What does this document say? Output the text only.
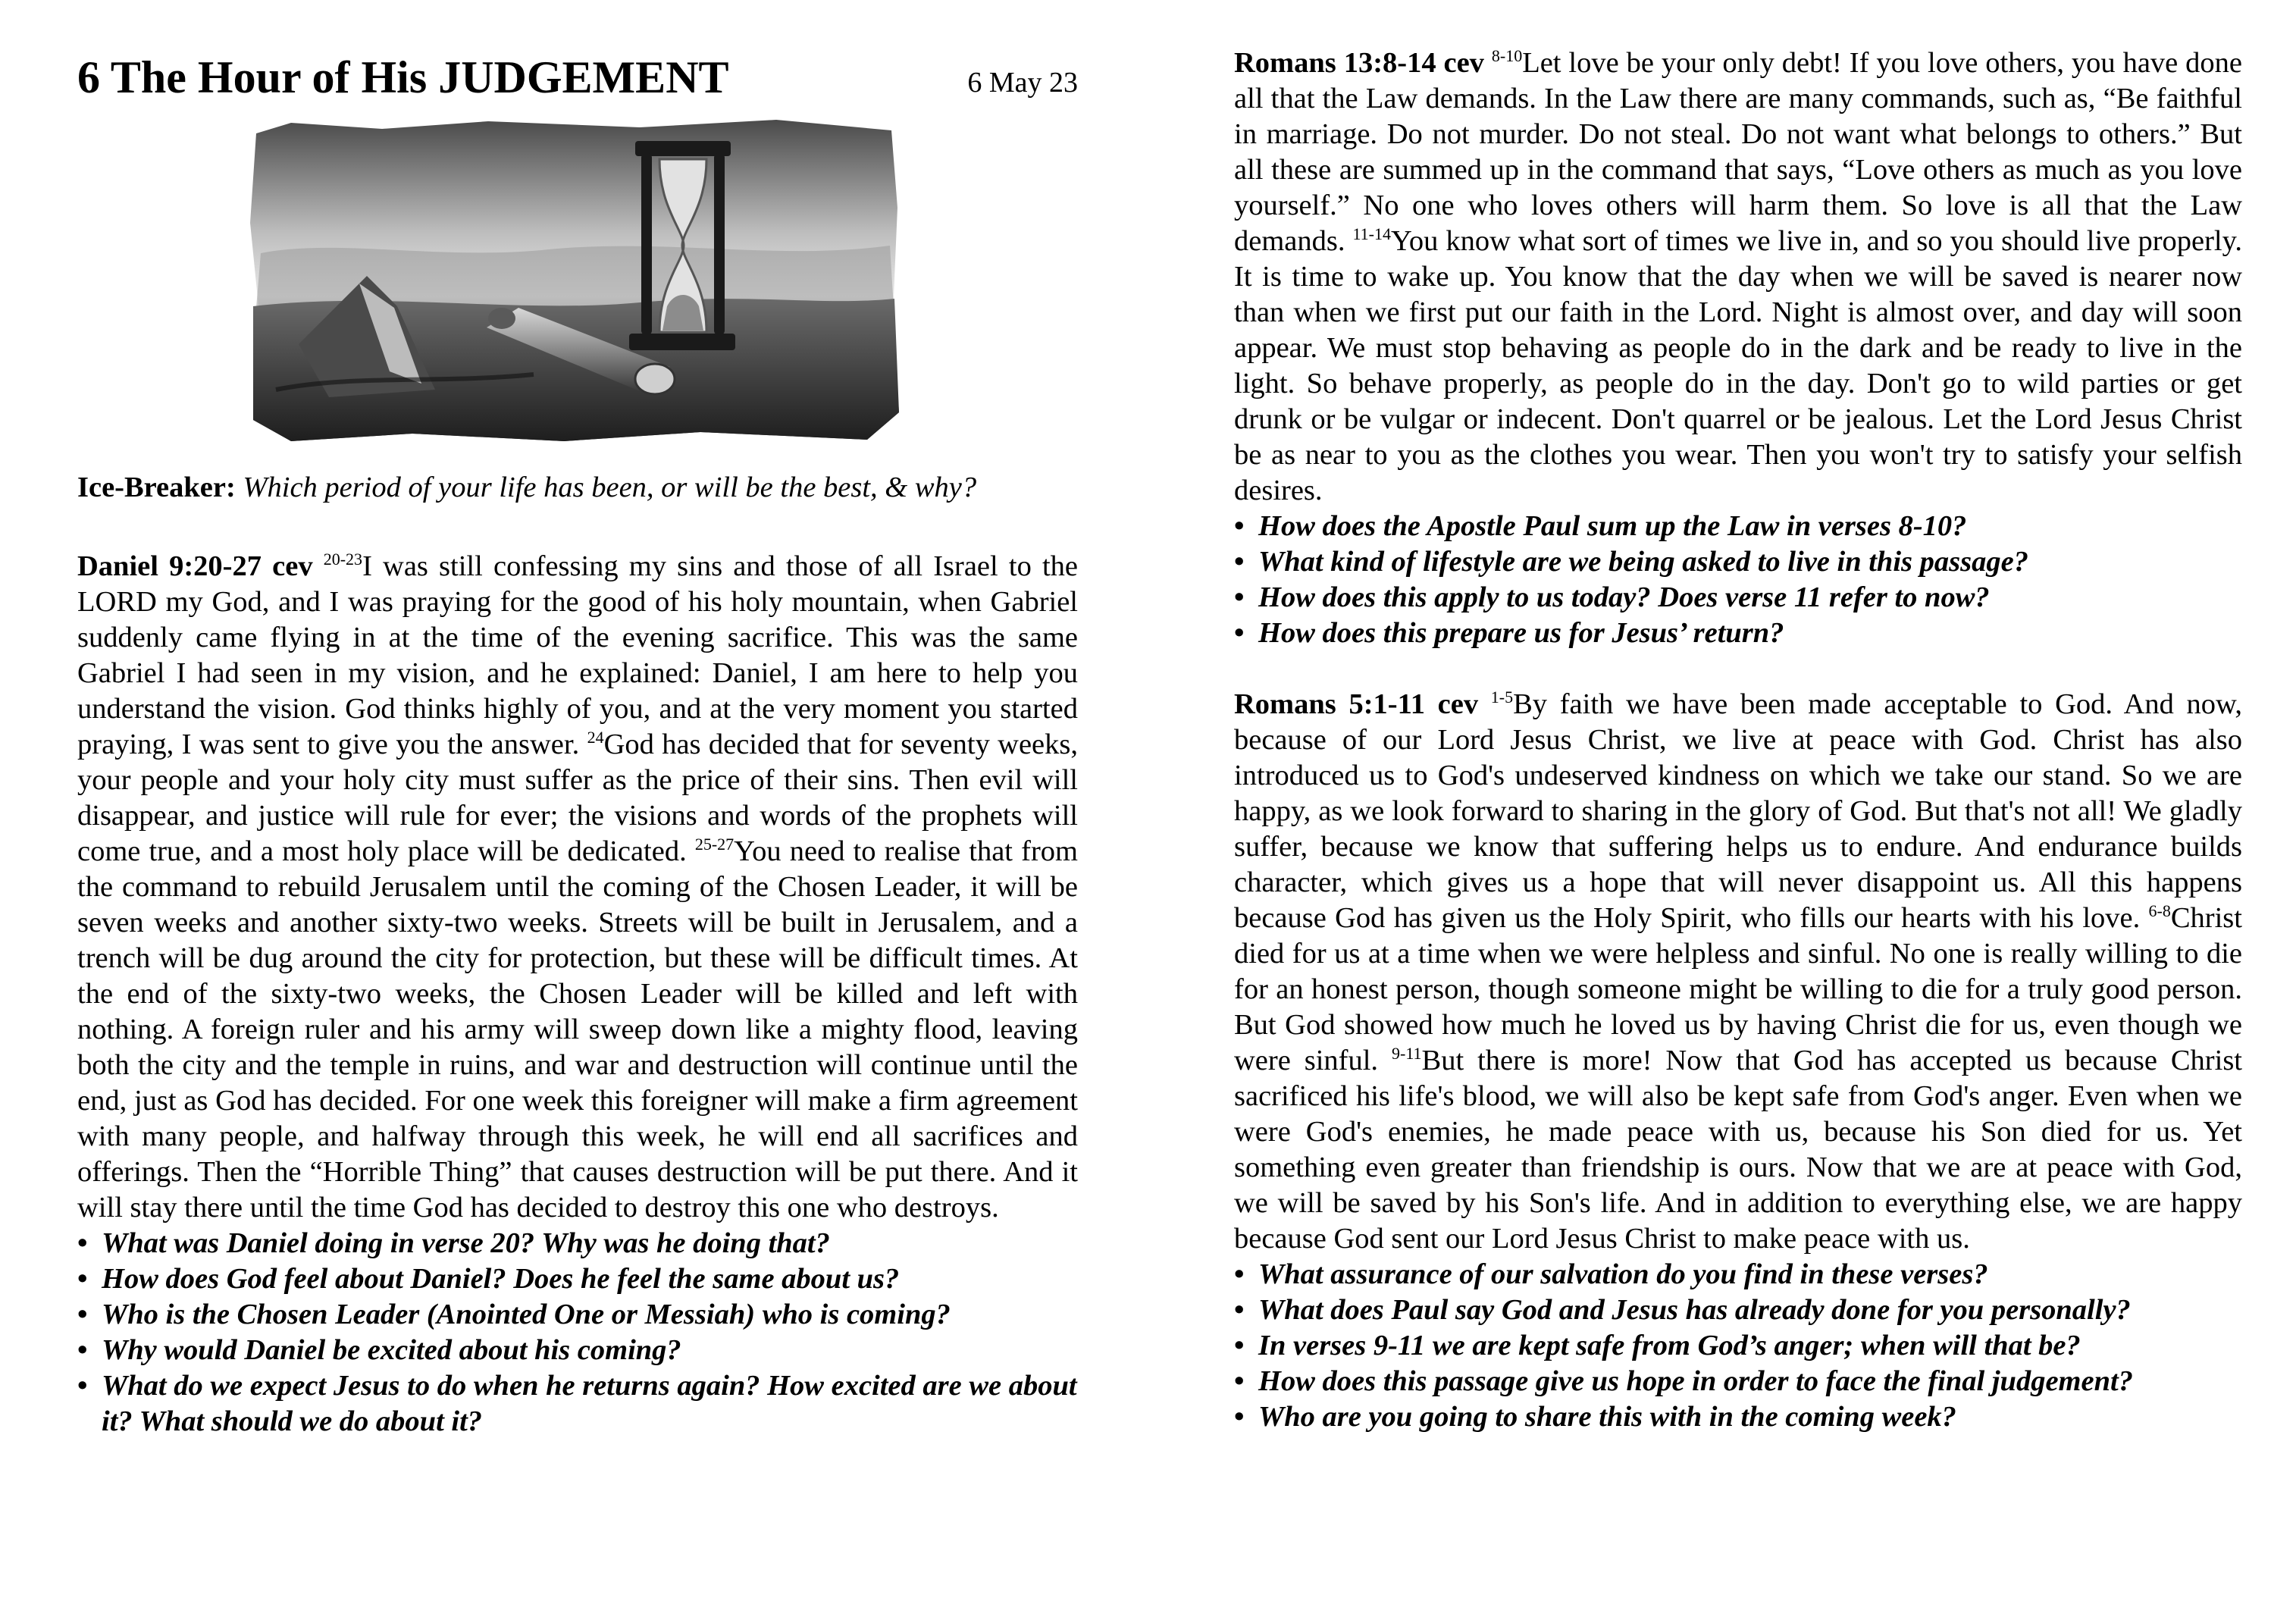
6 The Hour of His JUDGEMENT	6 May 23

Ice-Breaker: Which period of your life has been, or will be the best, & why?

Daniel 9:20-27 cev $^{20-23}$I was still confessing my sins and those of all Israel to the LORD my God, and I was praying for the good of his holy mountain, when Gabriel suddenly came flying in at the time of the evening sacrifice. This was the same Gabriel I had seen in my vision, and he explained: Daniel, I am here to help you understand the vision. God thinks highly of you, and at the very moment you started praying, I was sent to give you the answer. $^{24}$God has decided that for seventy weeks, your people and your holy city must suffer as the price of their sins. Then evil will disappear, and justice will rule for ever; the visions and words of the prophets will come true, and a most holy place will be dedicated. $^{25-27}$You need to realise that from the command to rebuild Jerusalem until the coming of the Chosen Leader, it will be seven weeks and another sixty-two weeks. Streets will be built in Jerusalem, and a trench will be dug around the city for protection, but these will be difficult times. At the end of the sixty-two weeks, the Chosen Leader will be killed and left with nothing. A foreign ruler and his army will sweep down like a mighty flood, leaving both the city and the temple in ruins, and war and destruction will continue until the end, just as God has decided. For one week this foreigner will make a firm agreement with many people, and halfway through this week, he will end all sacrifices and offerings. Then the “Horrible Thing” that causes destruction will be put there. And it will stay there until the time God has decided to destroy this one who destroys.

• What was Daniel doing in verse 20? Why was he doing that?
• How does God feel about Daniel? Does he feel the same about us?
• Who is the Chosen Leader (Anointed One or Messiah) who is coming?
• Why would Daniel be excited about his coming?
• What do we expect Jesus to do when he returns again? How excited are we about it? What should we do about it?

Romans 13:8-14 cev $^{8-10}$Let love be your only debt! If you love others, you have done all that the Law demands. In the Law there are many commands, such as, “Be faithful in marriage. Do not murder. Do not steal. Do not want what belongs to others.” But all these are summed up in the command that says, “Love others as much as you love yourself.” No one who loves others will harm them. So love is all that the Law demands. $^{11-14}$You know what sort of times we live in, and so you should live properly. It is time to wake up. You know that the day when we will be saved is nearer now than when we first put our faith in the Lord. Night is almost over, and day will soon appear. We must stop behaving as people do in the dark and be ready to live in the light. So behave properly, as people do in the day. Don't go to wild parties or get drunk or be vulgar or indecent. Don't quarrel or be jealous. Let the Lord Jesus Christ be as near to you as the clothes you wear. Then you won't try to satisfy your selfish desires.

• How does the Apostle Paul sum up the Law in verses 8-10?
• What kind of lifestyle are we being asked to live in this passage?
• How does this apply to us today? Does verse 11 refer to now?
• How does this prepare us for Jesus’ return?

Romans 5:1-11 cev $^{1-5}$By faith we have been made acceptable to God. And now, because of our Lord Jesus Christ, we live at peace with God. Christ has also introduced us to God's undeserved kindness on which we take our stand. So we are happy, as we look forward to sharing in the glory of God. But that's not all! We gladly suffer, because we know that suffering helps us to endure. And endurance builds character, which gives us a hope that will never disappoint us. All this happens because God has given us the Holy Spirit, who fills our hearts with his love. $^{6-8}$Christ died for us at a time when we were helpless and sinful. No one is really willing to die for an honest person, though someone might be willing to die for a truly good person. But God showed how much he loved us by having Christ die for us, even though we were sinful. $^{9-11}$But there is more! Now that God has accepted us because Christ sacrificed his life's blood, we will also be kept safe from God's anger. Even when we were God's enemies, he made peace with us, because his Son died for us. Yet something even greater than friendship is ours. Now that we are at peace with God, we will be saved by his Son's life. And in addition to everything else, we are happy because God sent our Lord Jesus Christ to make peace with us.

• What assurance of our salvation do you find in these verses?
• What does Paul say God and Jesus has already done for you personally?
• In verses 9-11 we are kept safe from God’s anger; when will that be?
• How does this passage give us hope in order to face the final judgement?
• Who are you going to share this with in the coming week?
